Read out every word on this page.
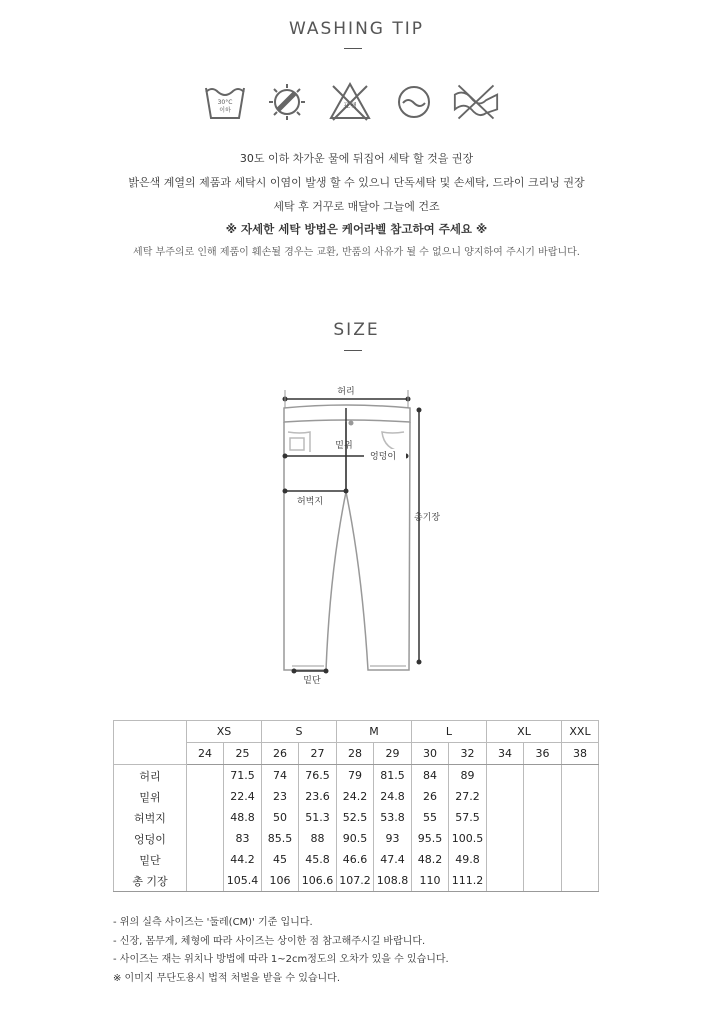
WASHING TIP
30°C
이하
표백
30도 이하 차가운 물에 뒤집어 세탁 할 것을 권장
밝은색 계열의 제품과 세탁시 이염이 발생 할 수 있으니 단독세탁 및 손세탁, 드라이 크리닝 권장
세탁 후 거꾸로 매달아 그늘에 건조
※ 자세한 세탁 방법은 케어라벨 참고하여 주세요 ※
세탁 부주의로 인해 제품이 훼손될 경우는 교환, 반품의 사유가 될 수 없으니 양지하여 주시기 바랍니다.
SIZE
허리
밑위
엉덩이
허벅지
총기장
밑단
	XS		S		M		L		XL		XXL
	24	25	26	27	28	29	30	32	34	36	38
허리		71.5	74	76.5	79	81.5	84	89			
밑위		22.4	23	23.6	24.2	24.8	26	27.2			
허벅지		48.8	50	51.3	52.5	53.8	55	57.5			
엉덩이		83	85.5	88	90.5	93	95.5	100.5			
밑단		44.2	45	45.8	46.6	47.4	48.2	49.8			
총 기장		105.4	106	106.6	107.2	108.8	110	111.2			
- 위의 실측 사이즈는 '둘레(CM)' 기준 입니다.
- 신장, 몸무게, 체형에 따라 사이즈는 상이한 점 참고해주시길 바랍니다.
- 사이즈는 재는 위치나 방법에 따라 1~2cm정도의 오차가 있을 수 있습니다.
※ 이미지 무단도용시 법적 처벌을 받을 수 있습니다.
